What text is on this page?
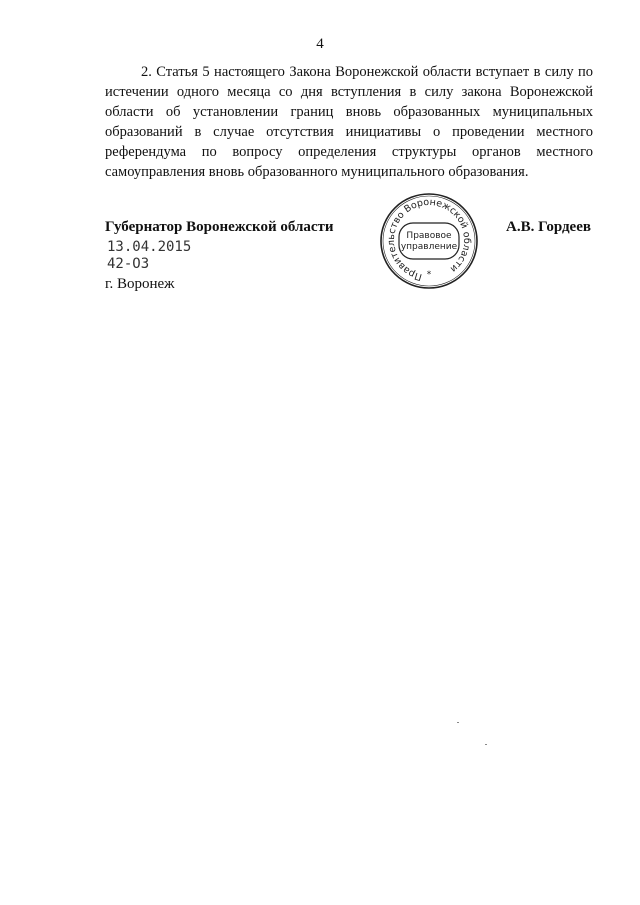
4

2. Статья 5 настоящего Закона Воронежской области вступает в силу по истечении одного месяца со дня вступления в силу закона Воронежской области об установлении границ вновь образованных муниципальных образований в случае отсутствия инициативы о проведении местного референдума по вопросу определения структуры органов местного самоуправления вновь образованного муниципального образования.

Губернатор Воронежской области	А.В. Гордеев
13.04.2015
42-ОЗ
г. Воронеж
Правительство Воронежской области
Правовое
управление
*
